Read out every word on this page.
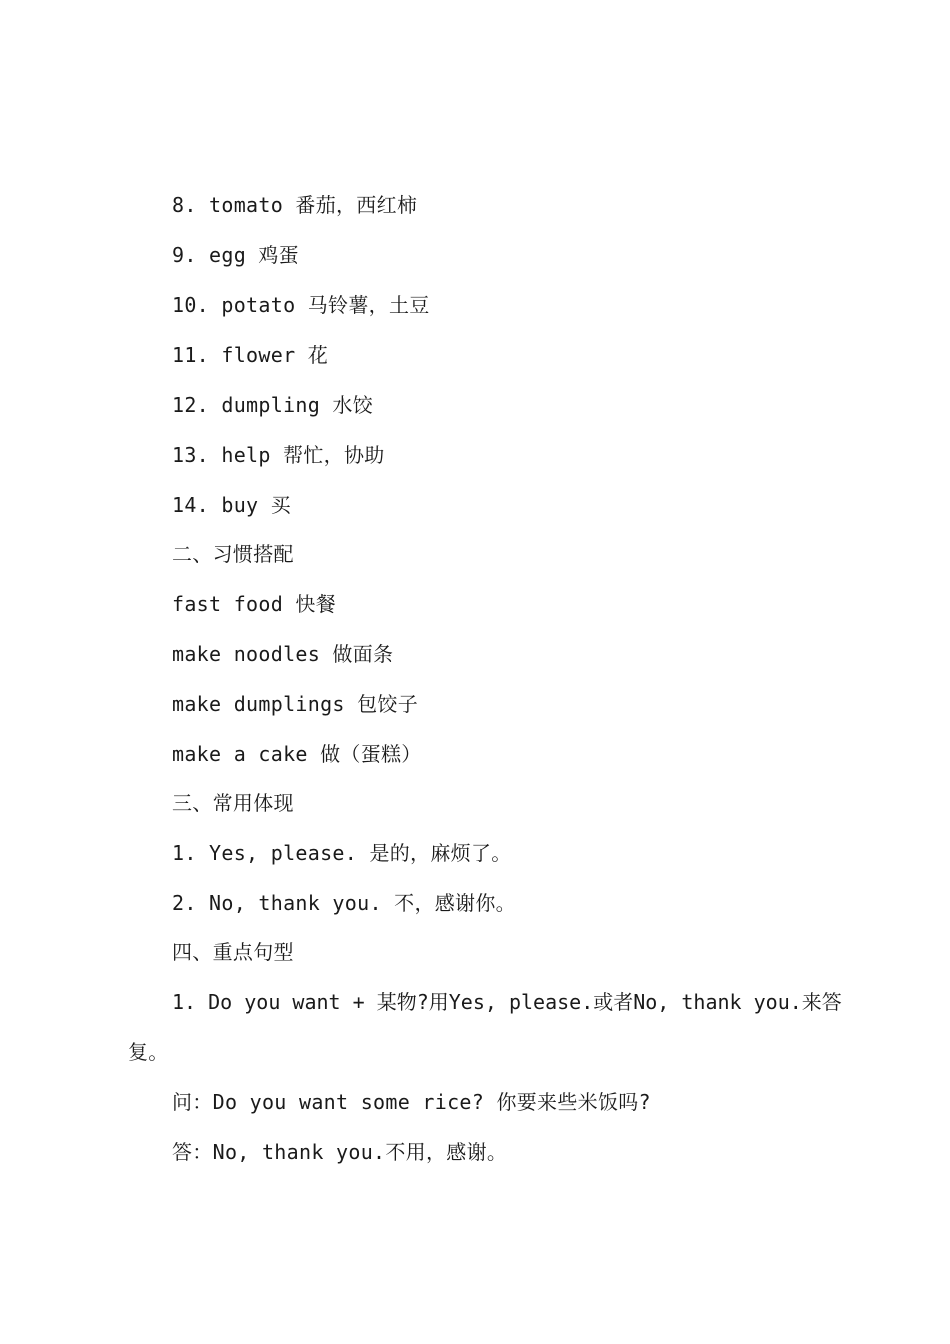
8. tomato 番茄，西红柿
9. egg 鸡蛋
10. potato 马铃薯，土豆
11. flower 花
12. dumpling 水饺
13. help 帮忙，协助
14. buy 买
二、习惯搭配
fast food 快餐
make noodles 做面条
make dumplings 包饺子
make a cake 做（蛋糕）
三、常用体现
1. Yes, please. 是的，麻烦了。
2. No, thank you. 不，感谢你。
四、重点句型
1. Do you want + 某物?用Yes, please.或者No, thank you.来答
复。
问：Do you want some rice? 你要来些米饭吗?
答：No, thank you.不用，感谢。
